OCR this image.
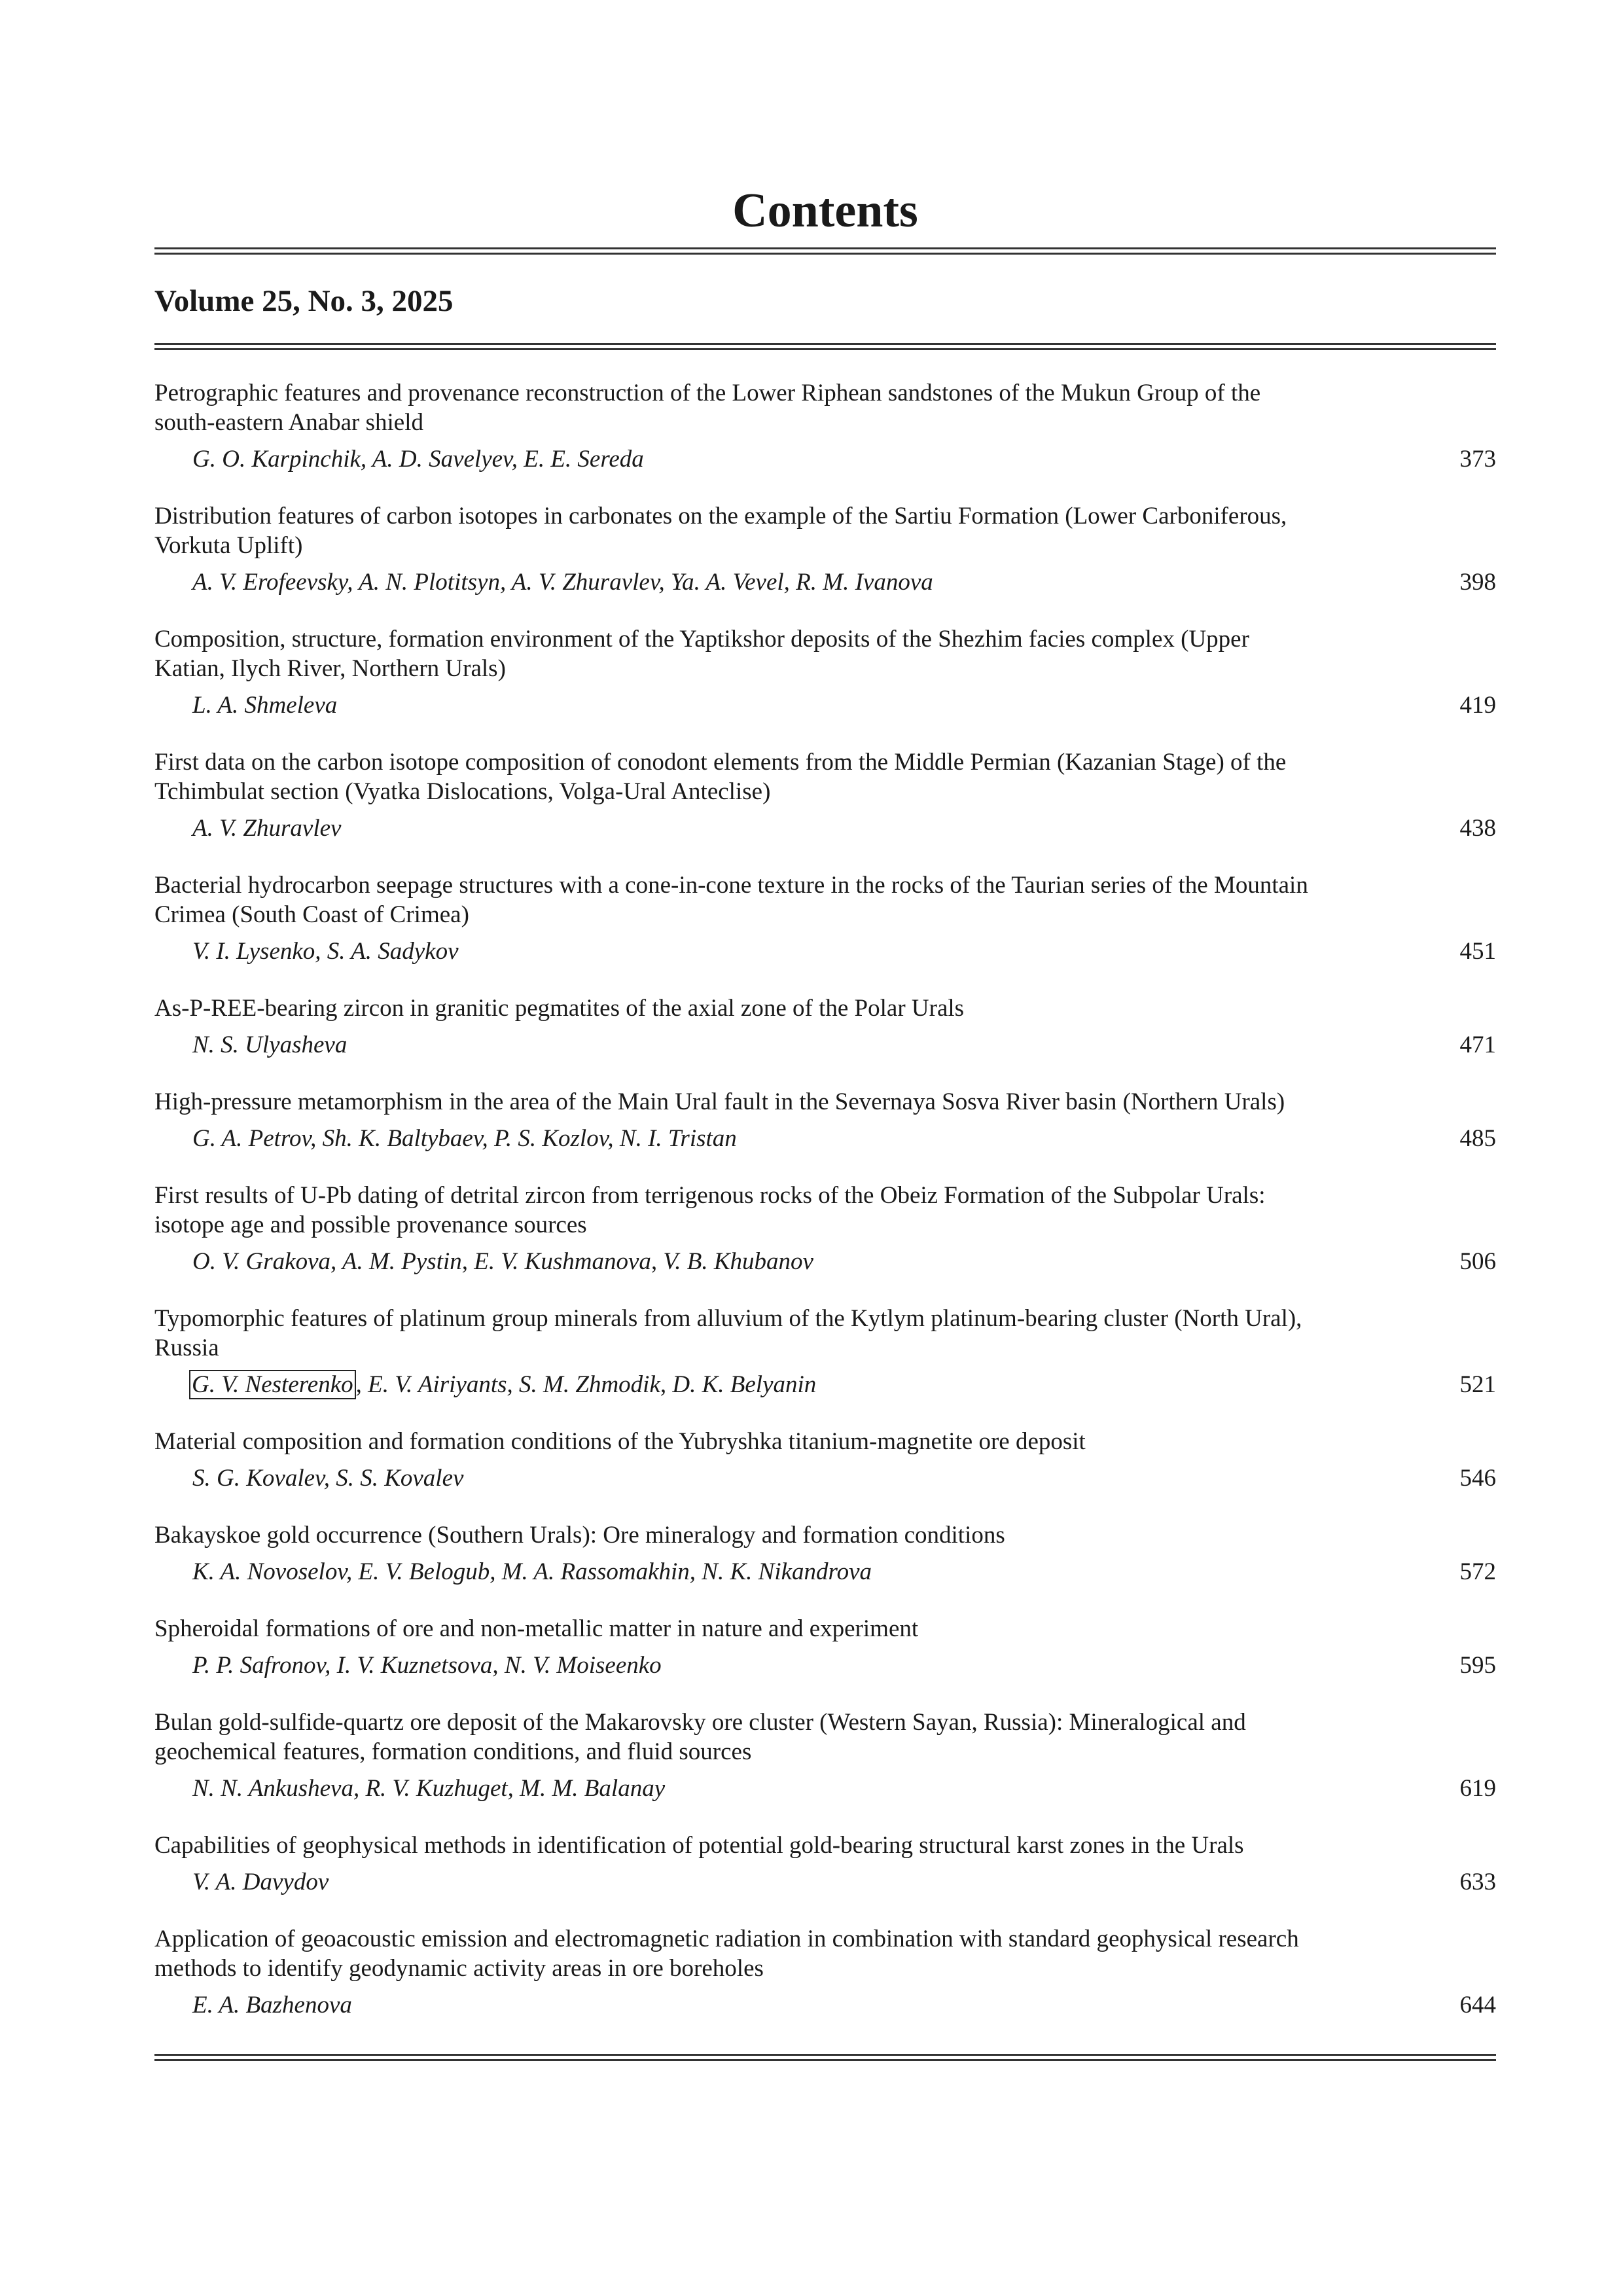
Contents
Volume 25, No. 3, 2025
Petrographic features and provenance reconstruction of the Lower Riphean sandstones of the Mukun Group of the south-eastern Anabar shield
G. O. Karpinchik, A. D. Savelyev, E. E. Sereda	373
Distribution features of carbon isotopes in carbonates on the example of the Sartiu Formation (Lower Carboniferous, Vorkuta Uplift)
A. V. Erofeevsky, A. N. Plotitsyn, A. V. Zhuravlev, Ya. A. Vevel, R. M. Ivanova	398
Composition, structure, formation environment of the Yaptikshor deposits of the Shezhim facies complex (Upper Katian, Ilych River, Northern Urals)
L. A. Shmeleva	419
First data on the carbon isotope composition of conodont elements from the Middle Permian (Kazanian Stage) of the Tchimbulat section (Vyatka Dislocations, Volga-Ural Anteclise)
A. V. Zhuravlev	438
Bacterial hydrocarbon seepage structures with a cone-in-cone texture in the rocks of the Taurian series of the Mountain Crimea (South Coast of Crimea)
V. I. Lysenko, S. A. Sadykov	451
As-P-REE-bearing zircon in granitic pegmatites of the axial zone of the Polar Urals
N. S. Ulyasheva	471
High-pressure metamorphism in the area of the Main Ural fault in the Severnaya Sosva River basin (Northern Urals)
G. A. Petrov, Sh. K. Baltybaev, P. S. Kozlov, N. I. Tristan	485
First results of U-Pb dating of detrital zircon from terrigenous rocks of the Obeiz Formation of the Subpolar Urals: isotope age and possible provenance sources
O. V. Grakova, A. M. Pystin, E. V. Kushmanova, V. B. Khubanov	506
Typomorphic features of platinum group minerals from alluvium of the Kytlym platinum-bearing cluster (North Ural), Russia
G. V. Nesterenko , E. V. Airiyants, S. M. Zhmodik, D. K. Belyanin	521
Material composition and formation conditions of the Yubryshka titanium-magnetite ore deposit
S. G. Kovalev, S. S. Kovalev	546
Bakayskoe gold occurrence (Southern Urals): Ore mineralogy and formation conditions
K. A. Novoselov, E. V. Belogub, M. A. Rassomakhin, N. K. Nikandrova	572
Spheroidal formations of ore and non-metallic matter in nature and experiment
P. P. Safronov, I. V. Kuznetsova, N. V. Moiseenko	595
Bulan gold-sulfide-quartz ore deposit of the Makarovsky ore cluster (Western Sayan, Russia): Mineralogical and geochemical features, formation conditions, and fluid sources
N. N. Ankusheva, R. V. Kuzhuget, M. M. Balanay	619
Capabilities of geophysical methods in identification of potential gold-bearing structural karst zones in the Urals
V. A. Davydov	633
Application of geoacoustic emission and electromagnetic radiation in combination with standard geophysical research methods to identify geodynamic activity areas in ore boreholes
E. A. Bazhenova	644
